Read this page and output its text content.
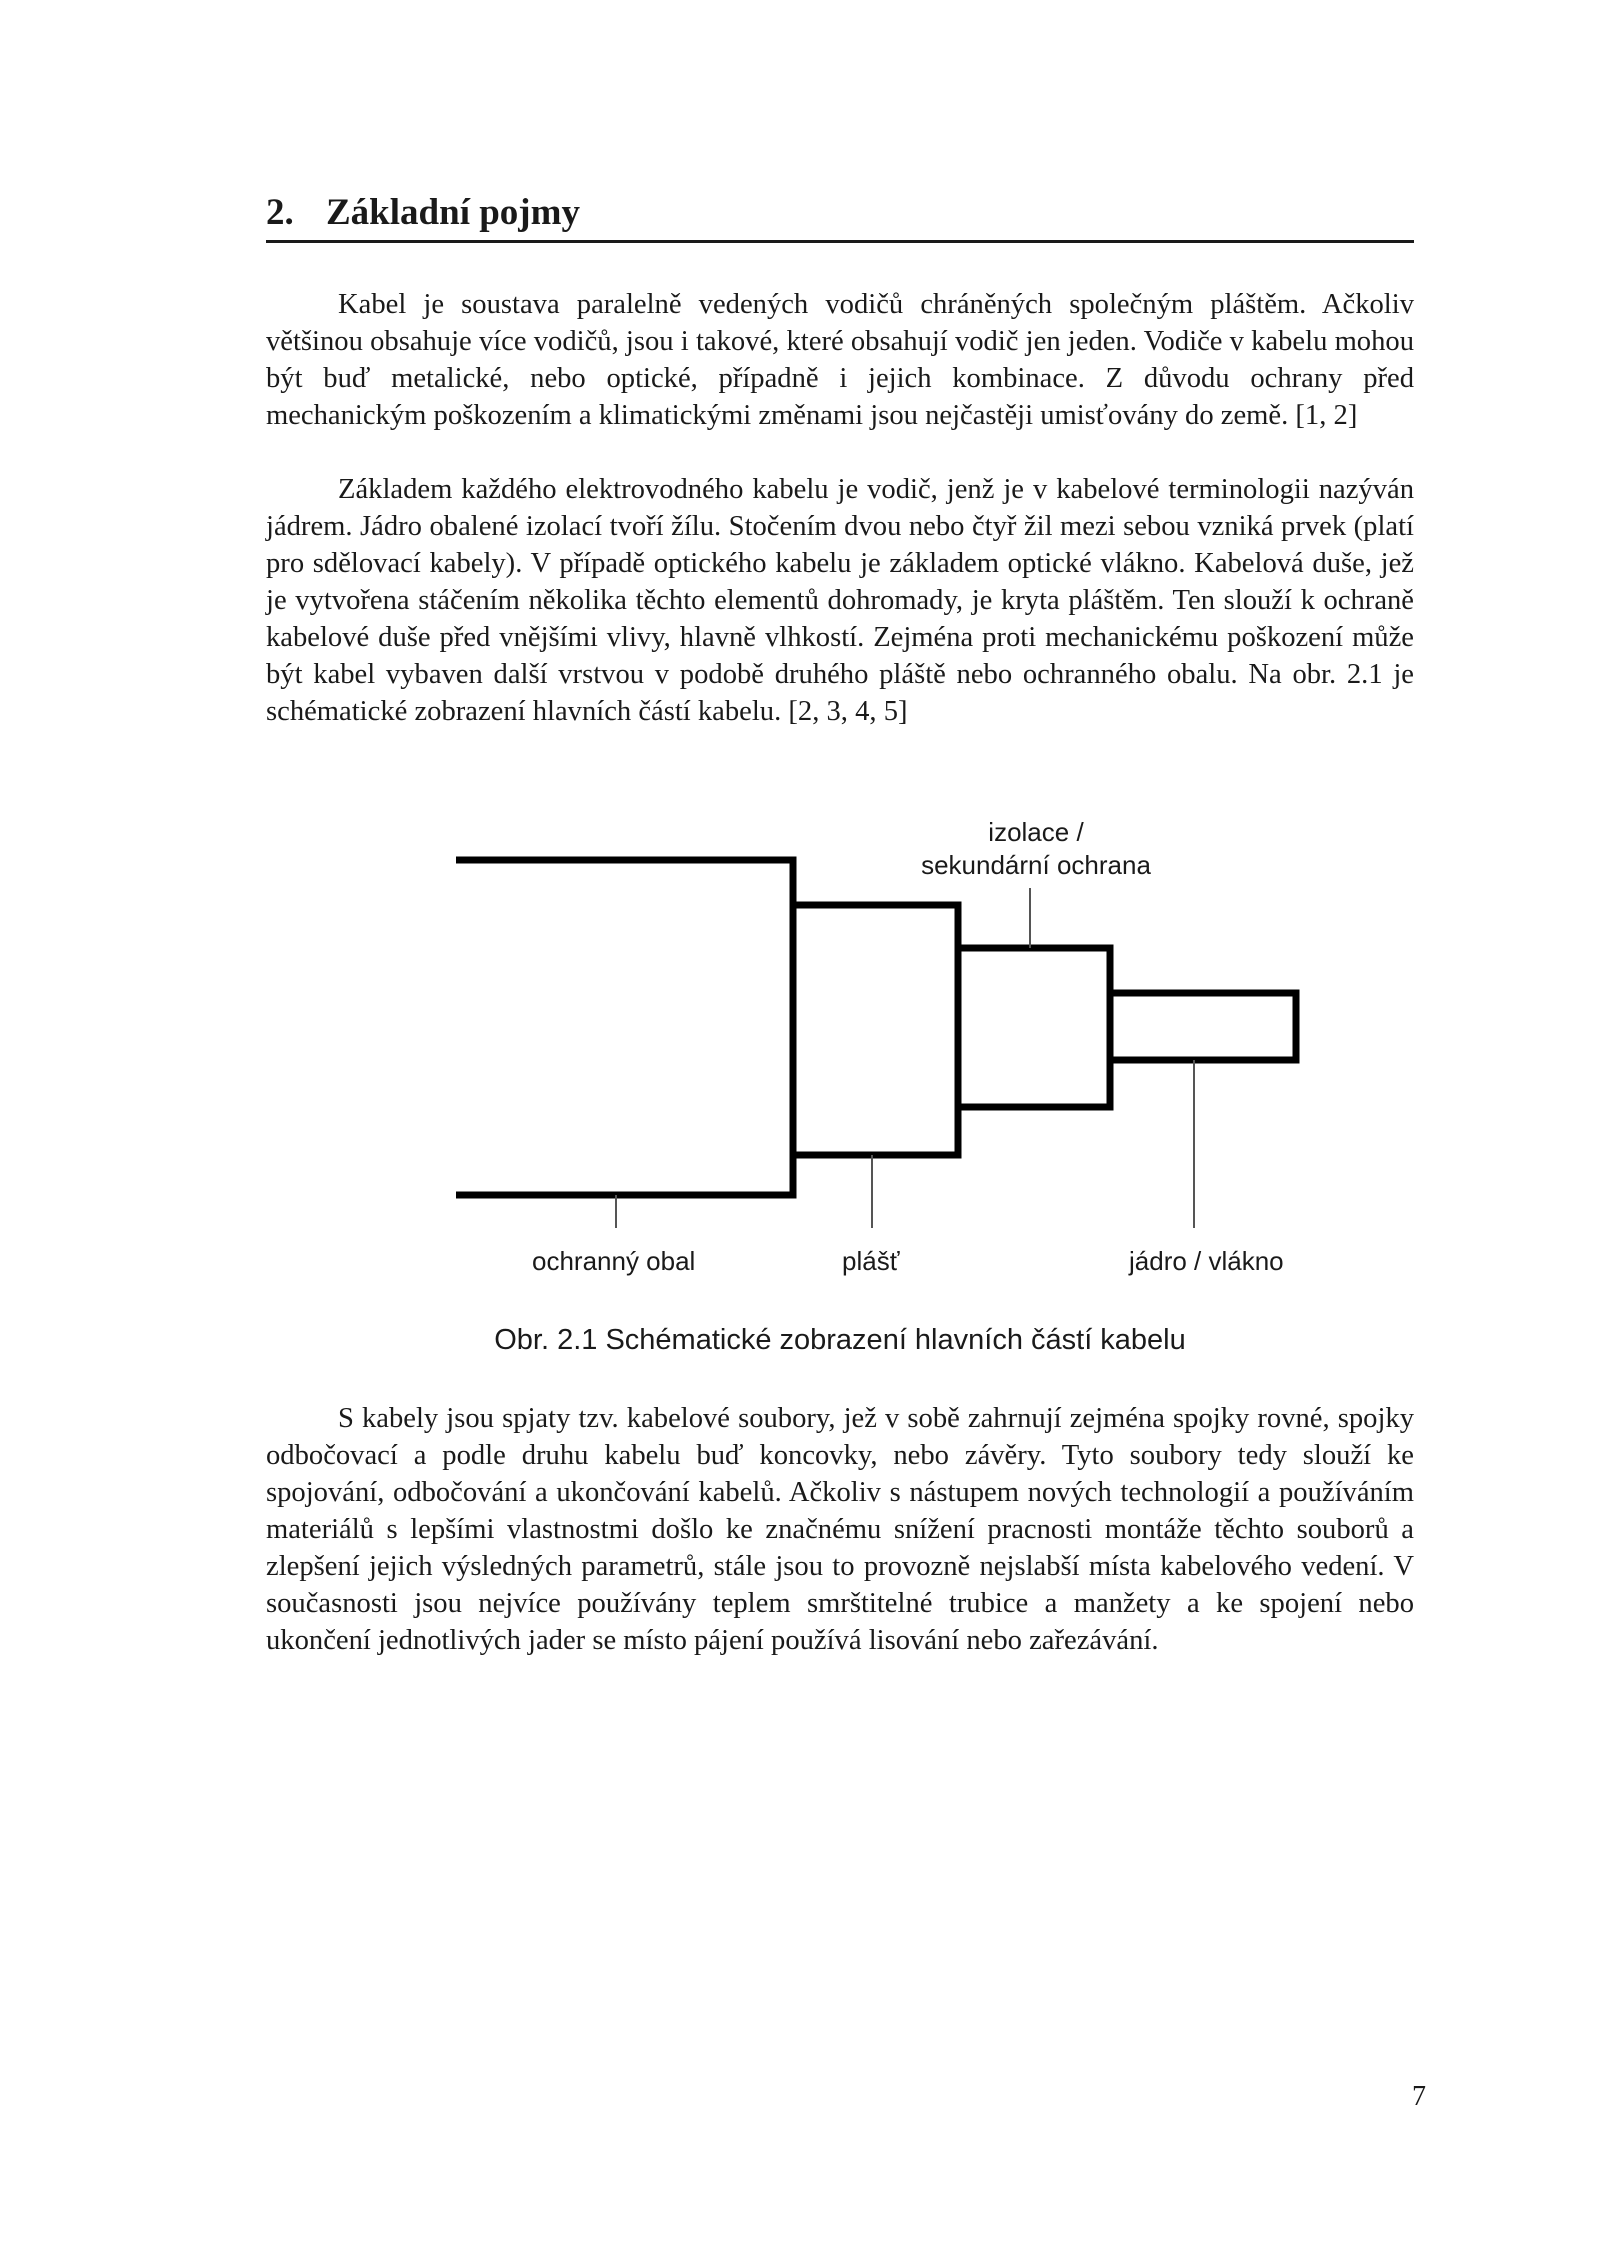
2. Základní pojmy

Kabel je soustava paralelně vedených vodičů chráněných společným pláštěm. Ačkoliv většinou obsahuje více vodičů, jsou i takové, které obsahují vodič jen jeden. Vodiče v kabelu mohou být buď metalické, nebo optické, případně i jejich kombinace. Z důvodu ochrany před mechanickým poškozením a klimatickými změnami jsou nejčastěji umisťovány do země. [1, 2]

Základem každého elektrovodného kabelu je vodič, jenž je v kabelové terminologii nazýván jádrem. Jádro obalené izolací tvoří žílu. Stočením dvou nebo čtyř žil mezi sebou vzniká prvek (platí pro sdělovací kabely). V případě optického kabelu je základem optické vlákno. Kabelová duše, jež je vytvořena stáčením několika těchto elementů dohromady, je kryta pláštěm. Ten slouží k ochraně kabelové duše před vnějšími vlivy, hlavně vlhkostí. Zejména proti mechanickému poškození může být kabel vybaven další vrstvou v podobě druhého pláště nebo ochranného obalu. Na obr. 2.1 je schématické zobrazení hlavních částí kabelu. [2, 3, 4, 5]

izolace /
sekundární ochrana
ochranný obal	plášť	jádro / vlákno
Obr. 2.1 Schématické zobrazení hlavních částí kabelu

S kabely jsou spjaty tzv. kabelové soubory, jež v sobě zahrnují zejména spojky rovné, spojky odbočovací a podle druhu kabelu buď koncovky, nebo závěry. Tyto soubory tedy slouží ke spojování, odbočování a ukončování kabelů. Ačkoliv s nástupem nových technologií a používáním materiálů s lepšími vlastnostmi došlo ke značnému snížení pracnosti montáže těchto souborů a zlepšení jejich výsledných parametrů, stále jsou to provozně nejslabší místa kabelového vedení. V současnosti jsou nejvíce používány teplem smrštitelné trubice a manžety a ke spojení nebo ukončení jednotlivých jader se místo pájení používá lisování nebo zařezávání.

7
